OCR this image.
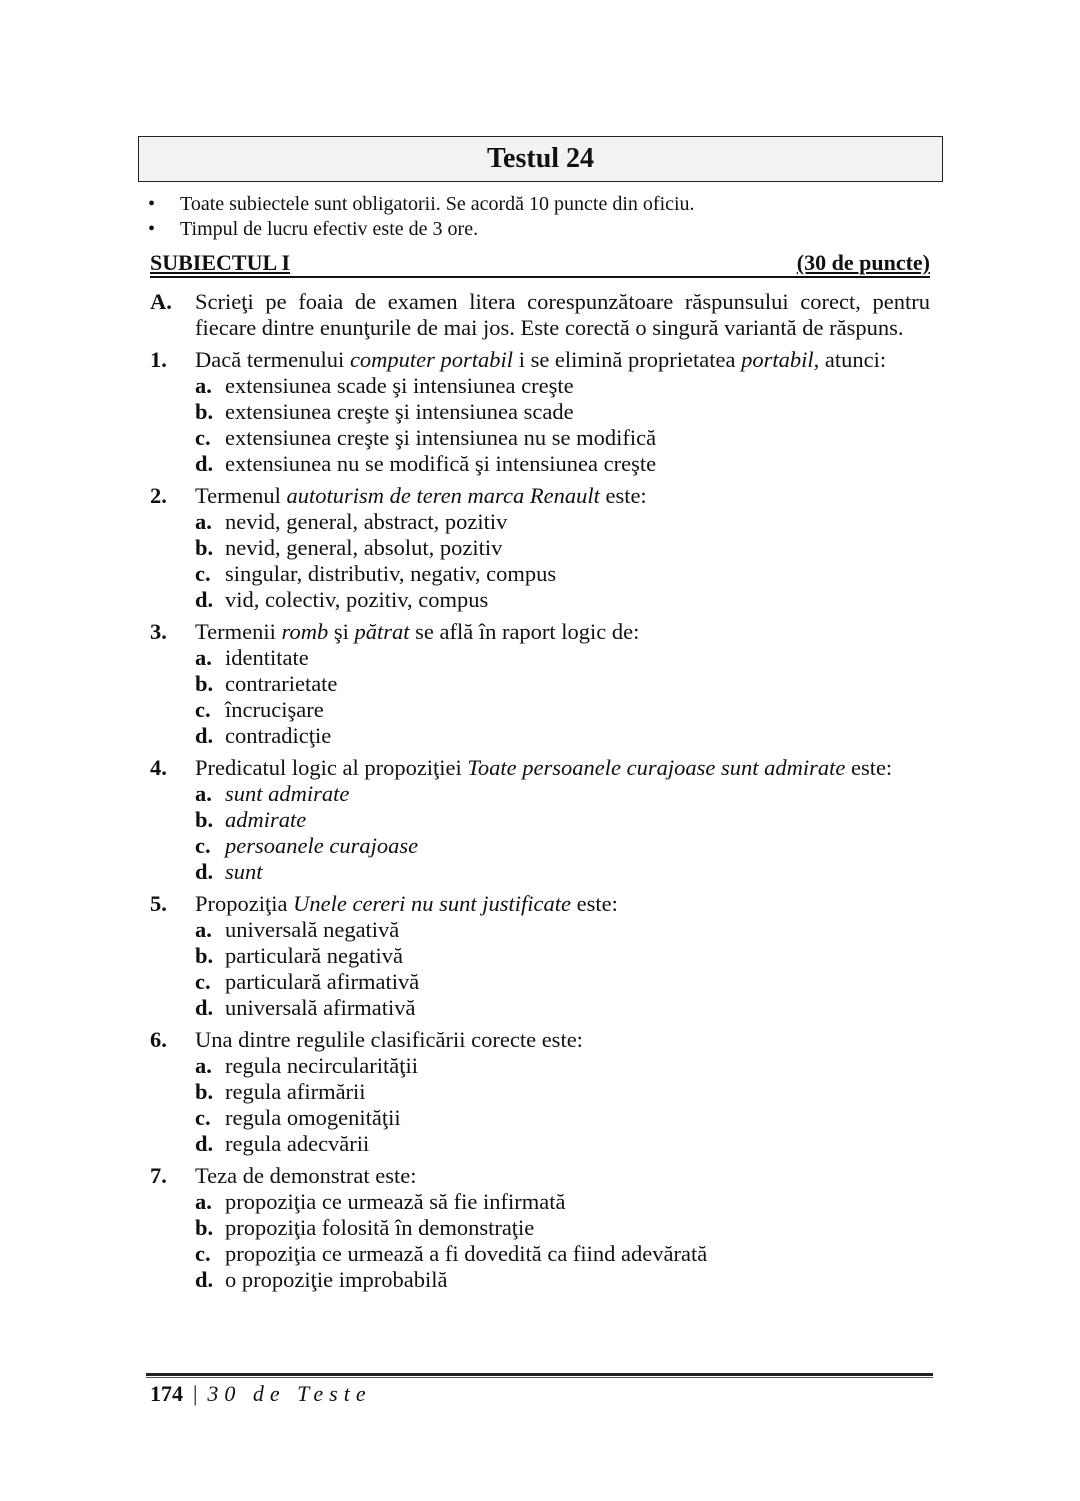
Testul 24
•	Toate subiectele sunt obligatorii. Se acordă 10 puncte din oficiu.
•	Timpul de lucru efectiv este de 3 ore.
SUBIECTUL I	(30 de puncte)
A.	Scrieţi pe foaia de examen litera corespunzătoare răspunsului corect, pentru fiecare dintre enunţurile de mai jos. Este corectă o singură variantă de răspuns.
1.	Dacă termenului computer portabil i se elimină proprietatea portabil, atunci:
a. extensiunea scade şi intensiunea creşte
b. extensiunea creşte şi intensiunea scade
c. extensiunea creşte şi intensiunea nu se modifică
d. extensiunea nu se modifică şi intensiunea creşte
2.	Termenul autoturism de teren marca Renault este:
a. nevid, general, abstract, pozitiv
b. nevid, general, absolut, pozitiv
c. singular, distributiv, negativ, compus
d. vid, colectiv, pozitiv, compus
3.	Termenii romb şi pătrat se află în raport logic de:
a. identitate
b. contrarietate
c. încrucişare
d. contradicţie
4.	Predicatul logic al propoziţiei Toate persoanele curajoase sunt admirate este:
a. sunt admirate
b. admirate
c. persoanele curajoase
d. sunt
5.	Propoziţia Unele cereri nu sunt justificate este:
a. universală negativă
b. particulară negativă
c. particulară afirmativă
d. universală afirmativă
6.	Una dintre regulile clasificării corecte este:
a. regula necircularităţii
b. regula afirmării
c. regula omogenităţii
d. regula adecvării
7.	Teza de demonstrat este:
a. propoziţia ce urmează să fie infirmată
b. propoziţia folosită în demonstraţie
c. propoziţia ce urmează a fi dovedită ca fiind adevărată
d. o propoziţie improbabilă
174 | 30 de Teste
